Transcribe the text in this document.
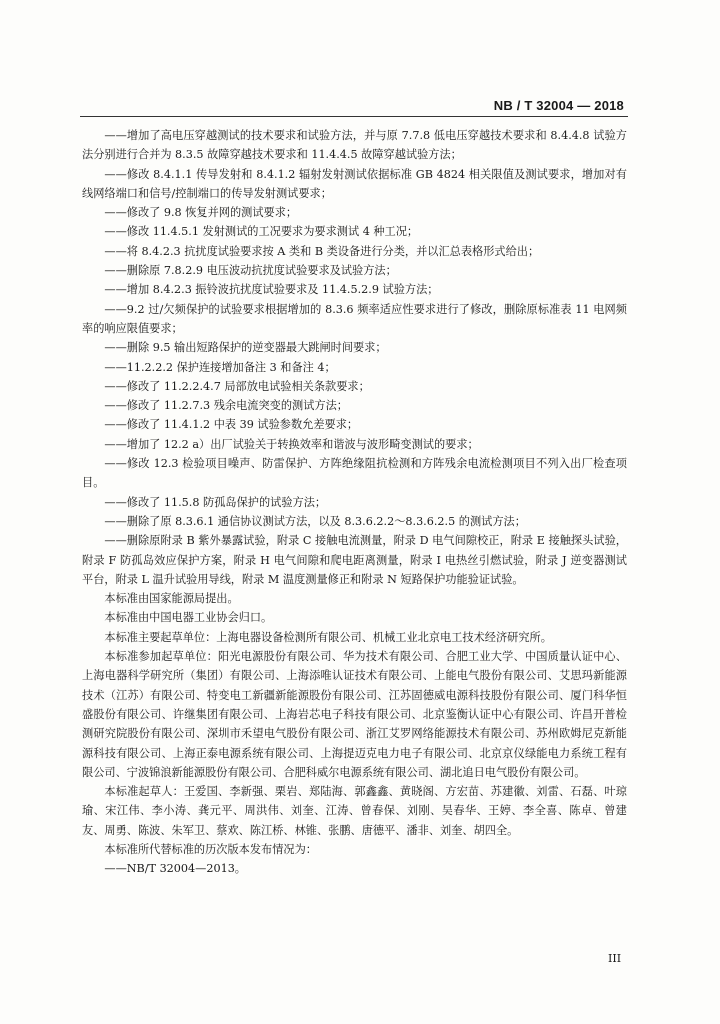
NB / T 32004 — 2018

——增加了高电压穿越测试的技术要求和试验方法，并与原 7.7.8 低电压穿越技术要求和 8.4.4.8 试验方法分别进行合并为 8.3.5 故障穿越技术要求和 11.4.4.5 故障穿越试验方法；

——修改 8.4.1.1 传导发射和 8.4.1.2 辐射发射测试依据标准 GB 4824 相关限值及测试要求，增加对有线网络端口和信号/控制端口的传导发射测试要求；

——修改了 9.8 恢复并网的测试要求；

——修改 11.4.5.1 发射测试的工况要求为要求测试 4 种工况；

——将 8.4.2.3 抗扰度试验要求按 A 类和 B 类设备进行分类，并以汇总表格形式给出；

——删除原 7.8.2.9 电压波动抗扰度试验要求及试验方法；

——增加 8.4.2.3 振铃波抗扰度试验要求及 11.4.5.2.9 试验方法；

——9.2 过/欠频保护的试验要求根据增加的 8.3.6 频率适应性要求进行了修改，删除原标准表 11 电网频率的响应限值要求；

——删除 9.5 输出短路保护的逆变器最大跳闸时间要求；

——11.2.2.2 保护连接增加备注 3 和备注 4；

——修改了 11.2.2.4.7 局部放电试验相关条款要求；

——修改了 11.2.7.3 残余电流突变的测试方法；

——修改了 11.4.1.2 中表 39 试验参数允差要求；

——增加了 12.2 a）出厂试验关于转换效率和谐波与波形畸变测试的要求；

——修改 12.3 检验项目噪声、防雷保护、方阵绝缘阻抗检测和方阵残余电流检测项目不列入出厂检查项目。

——修改了 11.5.8 防孤岛保护的试验方法；

——删除了原 8.3.6.1 通信协议测试方法，以及 8.3.6.2.2～8.3.6.2.5 的测试方法；

——删除原附录 B 紫外暴露试验，附录 C 接触电流测量，附录 D 电气间隙校正，附录 E 接触探头试验，附录 F 防孤岛效应保护方案，附录 H 电气间隙和爬电距离测量，附录 I 电热丝引燃试验，附录 J 逆变器测试平台，附录 L 温升试验用导线，附录 M 温度测量修正和附录 N 短路保护功能验证试验。

本标准由国家能源局提出。

本标准由中国电器工业协会归口。

本标准主要起草单位：上海电器设备检测所有限公司、机械工业北京电工技术经济研究所。

本标准参加起草单位：阳光电源股份有限公司、华为技术有限公司、合肥工业大学、中国质量认证中心、上海电器科学研究所（集团）有限公司、上海添唯认证技术有限公司、上能电气股份有限公司、艾思玛新能源技术（江苏）有限公司、特变电工新疆新能源股份有限公司、江苏固德威电源科技股份有限公司、厦门科华恒盛股份有限公司、许继集团有限公司、上海岩芯电子科技有限公司、北京鉴衡认证中心有限公司、许昌开普检测研究院股份有限公司、深圳市禾望电气股份有限公司、浙江艾罗网络能源技术有限公司、苏州欧姆尼克新能源科技有限公司、上海正泰电源系统有限公司、上海提迈克电力电子有限公司、北京京仪绿能电力系统工程有限公司、宁波锦浪新能源股份有限公司、合肥科威尔电源系统有限公司、湖北追日电气股份有限公司。

本标准起草人：王爱国、李新强、栗岩、郑陆海、郭鑫鑫、黄晓阁、方宏苗、苏建徽、刘雷、石磊、叶琼瑜、宋江伟、李小涛、龚元平、周洪伟、刘奎、江涛、曾春保、刘刚、吴春华、王婷、李全喜、陈卓、曾建友、周勇、陈波、朱军卫、蔡欢、陈江桥、林锥、张鹏、唐德平、潘非、刘奎、胡四全。

本标准所代替标准的历次版本发布情况为：

——NB/T 32004—2013。

III
